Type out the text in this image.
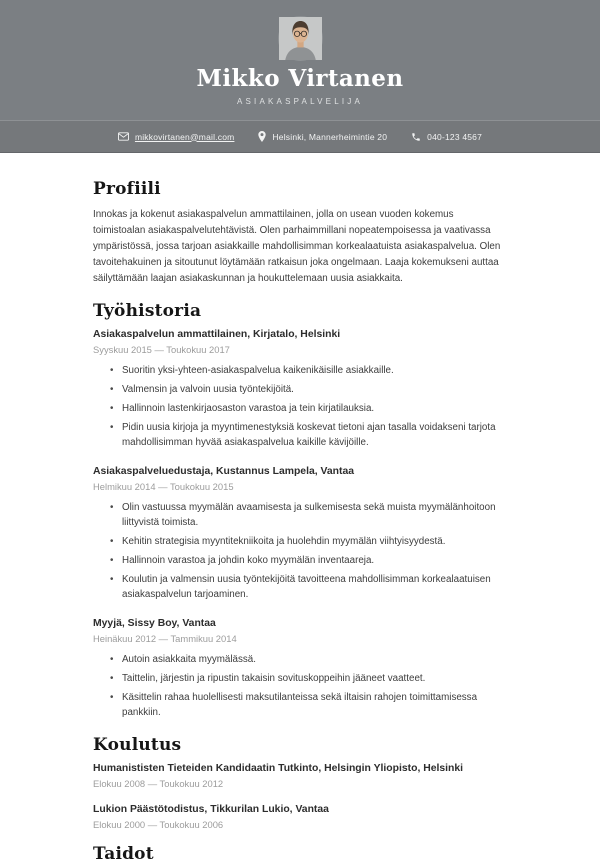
Mikko Virtanen
ASIAKASPALVELIJA
mikkovirtanen@mail.com	Helsinki, Mannerheimintie 20	040-123 4567
Profiili

Innokas ja kokenut asiakaspalvelun ammattilainen, jolla on usean vuoden kokemus toimistoalan asiakaspalvelutehtävistä. Olen parhaimmillani nopeatempoisessa ja vaativassa ympäristössä, jossa tarjoan asiakkaille mahdollisimman korkealaatuista asiakaspalvelua. Olen tavoitehakuinen ja sitoutunut löytämään ratkaisun joka ongelmaan. Laaja kokemukseni auttaa säilyttämään laajan asiakaskunnan ja houkuttelemaan uusia asiakkaita.

Työhistoria
Asiakaspalvelun ammattilainen, Kirjatalo, Helsinki
Syyskuu 2015 — Toukokuu 2017
• Suoritin yksi-yhteen-asiakaspalvelua kaikenikäisille asiakkaille.
• Valmensin ja valvoin uusia työntekijöitä.
• Hallinnoin lastenkirjaosaston varastoa ja tein kirjatilauksia.
• Pidin uusia kirjoja ja myyntimenestyksiä koskevat tietoni ajan tasalla voidakseni tarjota mahdollisimman hyvää asiakaspalvelua kaikille kävijöille.
Asiakaspalveluedustaja, Kustannus Lampela, Vantaa
Helmikuu 2014 — Toukokuu 2015
• Olin vastuussa myymälän avaamisesta ja sulkemisesta sekä muista myymälänhoitoon liittyvistä toimista.
• Kehitin strategisia myyntitekniikoita ja huolehdin myymälän viihtyisyydestä.
• Hallinnoin varastoa ja johdin koko myymälän inventaareja.
• Koulutin ja valmensin uusia työntekijöitä tavoitteena mahdollisimman korkealaatuisen asiakaspalvelun tarjoaminen.
Myyjä, Sissy Boy, Vantaa
Heinäkuu 2012 — Tammikuu 2014
• Autoin asiakkaita myymälässä.
• Taittelin, järjestin ja ripustin takaisin sovituskoppeihin jääneet vaatteet.
• Käsittelin rahaa huolellisesti maksutilanteissa sekä iltaisin rahojen toimittamisessa pankkiin.
Koulutus
Humanististen Tieteiden Kandidaatin Tutkinto, Helsingin Yliopisto, Helsinki
Elokuu 2008 — Toukokuu 2012
Lukion Päästötodistus, Tikkurilan Lukio, Vantaa
Elokuu 2000 — Toukokuu 2006
Taidot
